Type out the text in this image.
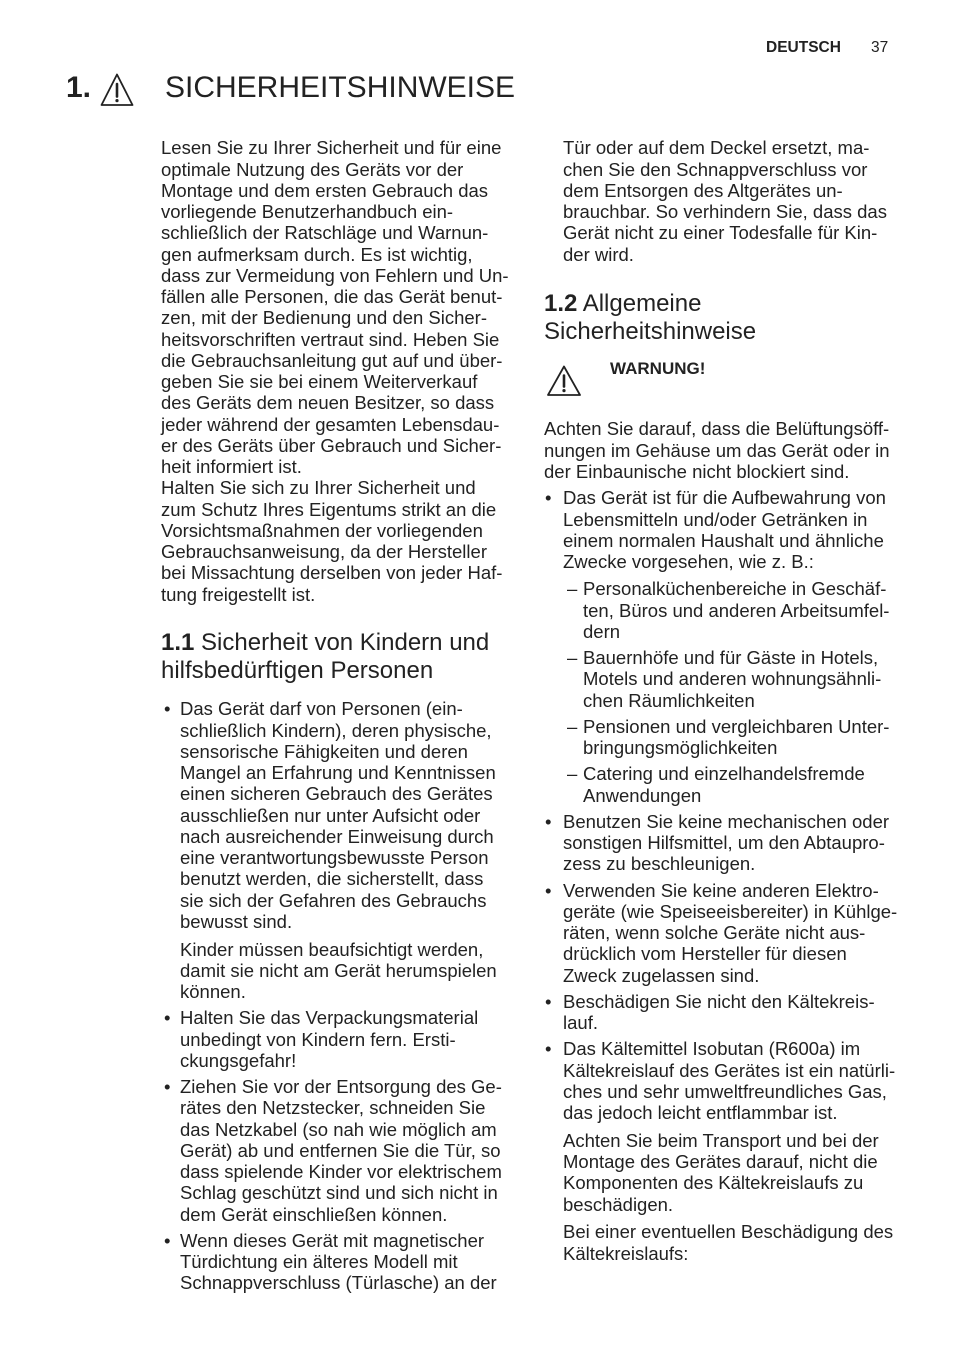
DEUTSCH 37
1. SICHERHEITSHINWEISE
Lesen Sie zu Ihrer Sicherheit und für eine
optimale Nutzung des Geräts vor der
Montage und dem ersten Gebrauch das
vorliegende Benutzerhandbuch ein-
schließlich der Ratschläge und Warnun-
gen aufmerksam durch. Es ist wichtig,
dass zur Vermeidung von Fehlern und Un-
fällen alle Personen, die das Gerät benut-
zen, mit der Bedienung und den Sicher-
heitsvorschriften vertraut sind. Heben Sie
die Gebrauchsanleitung gut auf und über-
geben Sie sie bei einem Weiterverkauf
des Geräts dem neuen Besitzer, so dass
jeder während der gesamten Lebensdau-
er des Geräts über Gebrauch und Sicher-
heit informiert ist.
Halten Sie sich zu Ihrer Sicherheit und
zum Schutz Ihres Eigentums strikt an die
Vorsichtsmaßnahmen der vorliegenden
Gebrauchsanweisung, da der Hersteller
bei Missachtung derselben von jeder Haf-
tung freigestellt ist.
1.1 Sicherheit von Kindern und
hilfsbedürftigen Personen
• Das Gerät darf von Personen (ein-
schließlich Kindern), deren physische,
sensorische Fähigkeiten und deren
Mangel an Erfahrung und Kenntnissen
einen sicheren Gebrauch des Gerätes
ausschließen nur unter Aufsicht oder
nach ausreichender Einweisung durch
eine verantwortungsbewusste Person
benutzt werden, die sicherstellt, dass
sie sich der Gefahren des Gebrauchs
bewusst sind.
Kinder müssen beaufsichtigt werden,
damit sie nicht am Gerät herumspielen
können.
• Halten Sie das Verpackungsmaterial
unbedingt von Kindern fern. Ersti-
ckungsgefahr!
• Ziehen Sie vor der Entsorgung des Ge-
rätes den Netzstecker, schneiden Sie
das Netzkabel (so nah wie möglich am
Gerät) ab und entfernen Sie die Tür, so
dass spielende Kinder vor elektrischem
Schlag geschützt sind und sich nicht in
dem Gerät einschließen können.
• Wenn dieses Gerät mit magnetischer
Türdichtung ein älteres Modell mit
Schnappverschluss (Türlasche) an der
Tür oder auf dem Deckel ersetzt, ma-
chen Sie den Schnappverschluss vor
dem Entsorgen des Altgerätes un-
brauchbar. So verhindern Sie, dass das
Gerät nicht zu einer Todesfalle für Kin-
der wird.
1.2 Allgemeine
Sicherheitshinweise
WARNUNG!
Achten Sie darauf, dass die Belüftungsöff-
nungen im Gehäuse um das Gerät oder in
der Einbaunische nicht blockiert sind.
• Das Gerät ist für die Aufbewahrung von
Lebensmitteln und/oder Getränken in
einem normalen Haushalt und ähnliche
Zwecke vorgesehen, wie z. B.:
– Personalküchenbereiche in Geschäf-
ten, Büros und anderen Arbeitsumfel-
dern
– Bauernhöfe und für Gäste in Hotels,
Motels und anderen wohnungsähnli-
chen Räumlichkeiten
– Pensionen und vergleichbaren Unter-
bringungsmöglichkeiten
– Catering und einzelhandelsfremde
Anwendungen
• Benutzen Sie keine mechanischen oder
sonstigen Hilfsmittel, um den Abtaupro-
zess zu beschleunigen.
• Verwenden Sie keine anderen Elektro-
geräte (wie Speiseeisbereiter) in Kühlge-
räten, wenn solche Geräte nicht aus-
drücklich vom Hersteller für diesen
Zweck zugelassen sind.
• Beschädigen Sie nicht den Kältekreis-
lauf.
• Das Kältemittel Isobutan (R600a) im
Kältekreislauf des Gerätes ist ein natürli-
ches und sehr umweltfreundliches Gas,
das jedoch leicht entflammbar ist.
Achten Sie beim Transport und bei der
Montage des Gerätes darauf, nicht die
Komponenten des Kältekreislaufs zu
beschädigen.
Bei einer eventuellen Beschädigung des
Kältekreislaufs:
